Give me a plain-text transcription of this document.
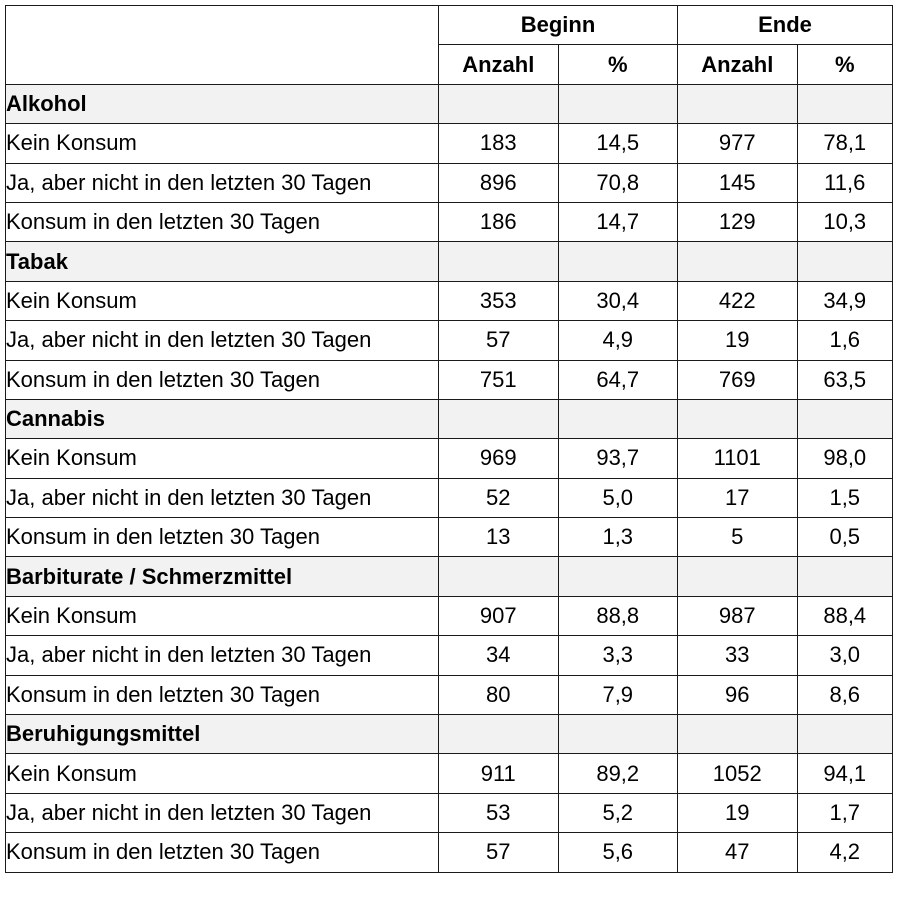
	Beginn		Ende	
	Anzahl	%	Anzahl	%
Alkohol				
Kein Konsum	183	14,5	977	78,1
Ja, aber nicht in den letzten 30 Tagen	896	70,8	145	11,6
Konsum in den letzten 30 Tagen	186	14,7	129	10,3
Tabak				
Kein Konsum	353	30,4	422	34,9
Ja, aber nicht in den letzten 30 Tagen	57	4,9	19	1,6
Konsum in den letzten 30 Tagen	751	64,7	769	63,5
Cannabis				
Kein Konsum	969	93,7	1101	98,0
Ja, aber nicht in den letzten 30 Tagen	52	5,0	17	1,5
Konsum in den letzten 30 Tagen	13	1,3	5	0,5
Barbiturate / Schmerzmittel				
Kein Konsum	907	88,8	987	88,4
Ja, aber nicht in den letzten 30 Tagen	34	3,3	33	3,0
Konsum in den letzten 30 Tagen	80	7,9	96	8,6
Beruhigungsmittel				
Kein Konsum	911	89,2	1052	94,1
Ja, aber nicht in den letzten 30 Tagen	53	5,2	19	1,7
Konsum in den letzten 30 Tagen	57	5,6	47	4,2
